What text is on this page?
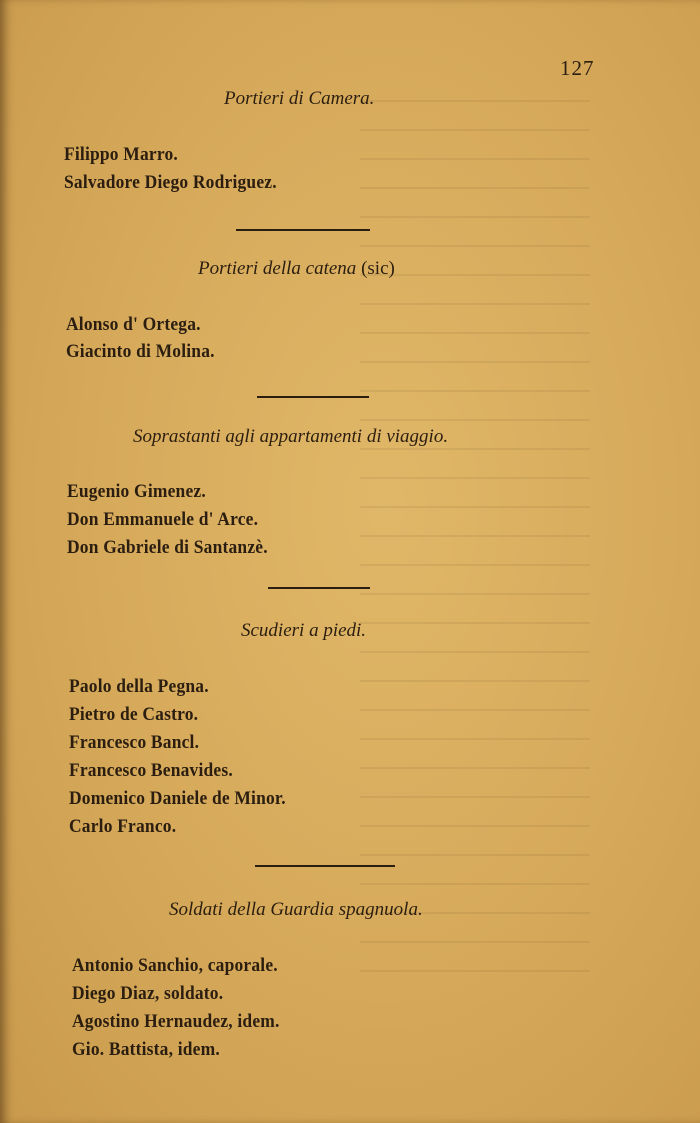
127
Portieri di Camera.
Filippo Marro.
Salvadore Diego Rodriguez.
Portieri della catena (sic)
Alonso d' Ortega.
Giacinto di Molina.
Soprastanti agli appartamenti di viaggio.
Eugenio Gimenez.
Don Emmanuele d' Arce.
Don Gabriele di Santanzè.
Scudieri a piedi.
Paolo della Pegna.
Pietro de Castro.
Francesco Bancl.
Francesco Benavides.
Domenico Daniele de Minor.
Carlo Franco.
Soldati della Guardia spagnuola.
Antonio Sanchio, caporale.
Diego Diaz, soldato.
Agostino Hernaudez, idem.
Gio. Battista, idem.
